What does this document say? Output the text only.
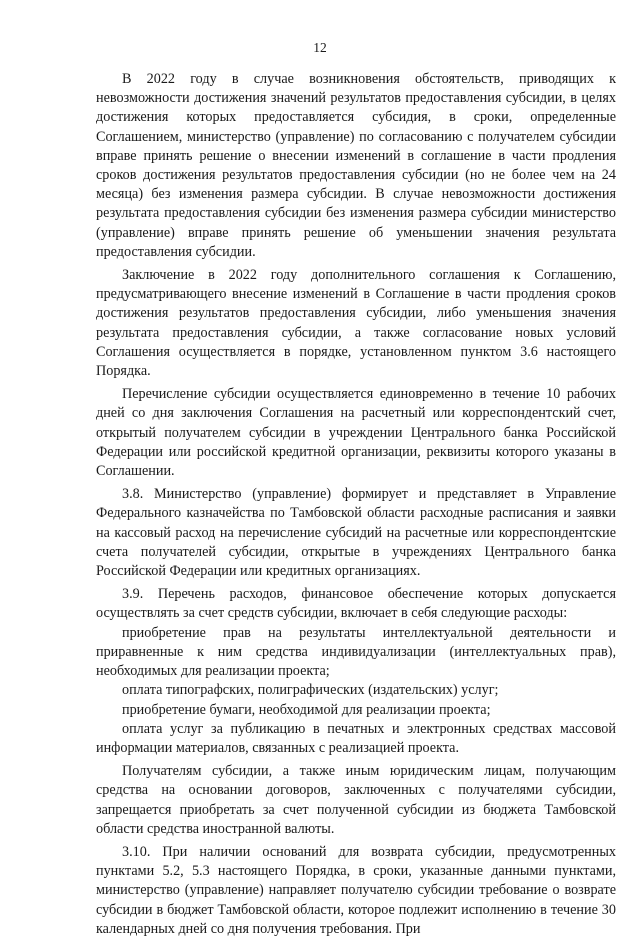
12

В 2022 году в случае возникновения обстоятельств, приводящих к невозможности достижения значений результатов предоставления субсидии, в целях достижения которых предоставляется субсидия, в сроки, определенные Соглашением, министерство (управление) по согласованию с получателем субсидии вправе принять решение о внесении изменений в соглашение в части продления сроков достижения результатов предоставления субсидии (но не более чем на 24 месяца) без изменения размера субсидии. В случае невозможности достижения результата предоставления субсидии без изменения размера субсидии министерство (управление) вправе принять решение об уменьшении значения результата предоставления субсидии.

Заключение в 2022 году дополнительного соглашения к Соглашению, предусматривающего внесение изменений в Соглашение в части продления сроков достижения результатов предоставления субсидии, либо уменьшения значения результата предоставления субсидии, а также согласование новых условий Соглашения осуществляется в порядке, установленном пунктом 3.6 настоящего Порядка.

Перечисление субсидии осуществляется единовременно в течение 10 рабочих дней со дня заключения Соглашения на расчетный или корреспондентский счет, открытый получателем субсидии в учреждении Центрального банка Российской Федерации или российской кредитной организации, реквизиты которого указаны в Соглашении.

3.8. Министерство (управление) формирует и представляет в Управление Федерального казначейства по Тамбовской области расходные расписания и заявки на кассовый расход на перечисление субсидий на расчетные или корреспондентские счета получателей субсидии, открытые в учреждениях Центрального банка Российской Федерации или кредитных организациях.

3.9. Перечень расходов, финансовое обеспечение которых допускается осуществлять за счет средств субсидии, включает в себя следующие расходы:

приобретение прав на результаты интеллектуальной деятельности и приравненные к ним средства индивидуализации (интеллектуальных прав), необходимых для реализации проекта;

оплата типографских, полиграфических (издательских) услуг;

приобретение бумаги, необходимой для реализации проекта;

оплата услуг за публикацию в печатных и электронных средствах массовой информации материалов, связанных с реализацией проекта.

Получателям субсидии, а также иным юридическим лицам, получающим средства на основании договоров, заключенных с получателями субсидии, запрещается приобретать за счет полученной субсидии из бюджета Тамбовской области средства иностранной валюты.

3.10. При наличии оснований для возврата субсидии, предусмотренных пунктами 5.2, 5.3 настоящего Порядка, в сроки, указанные данными пунктами, министерство (управление) направляет получателю субсидии требование о возврате субсидии в бюджет Тамбовской области, которое подлежит исполнению в течение 30 календарных дней со дня получения требования. При
